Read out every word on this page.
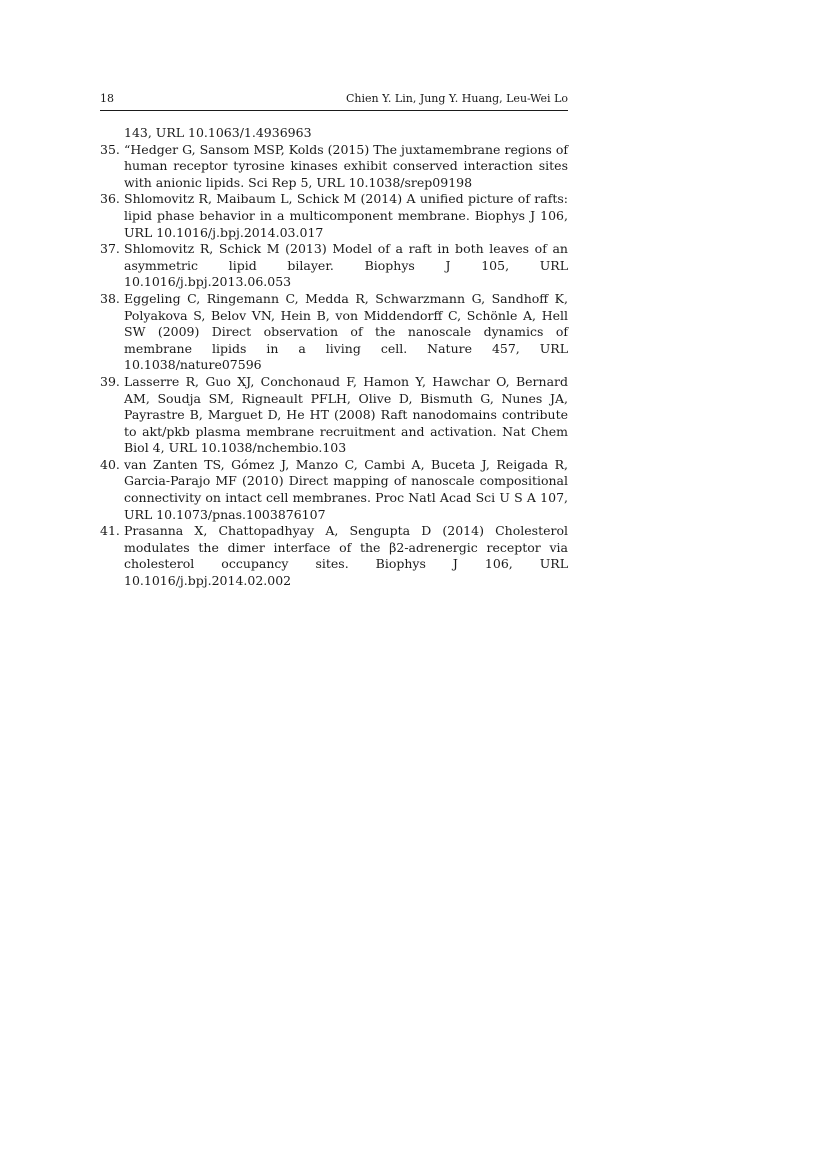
18	Chien Y. Lin, Jung Y. Huang, Leu-Wei Lo

143, URL 10.1063/1.4936963

35. “Hedger G, Sansom MSP, Kolds (2015) The juxtamembrane regions of human receptor tyrosine kinases exhibit conserved interaction sites with anionic lipids. Sci Rep 5, URL 10.1038/srep09198

36. Shlomovitz R, Maibaum L, Schick M (2014) A unified picture of rafts: lipid phase behavior in a multicomponent membrane. Biophys J 106, URL 10.1016/j.bpj.2014.03.017

37. Shlomovitz R, Schick M (2013) Model of a raft in both leaves of an asymmetric lipid bilayer. Biophys J 105, URL 10.1016/j.bpj.2013.06.053

38. Eggeling C, Ringemann C, Medda R, Schwarzmann G, Sandhoff K, Polyakova S, Belov VN, Hein B, von Middendorff C, Schönle A, Hell SW (2009) Direct observation of the nanoscale dynamics of membrane lipids in a living cell. Nature 457, URL 10.1038/nature07596

39. Lasserre R, Guo XJ, Conchonaud F, Hamon Y, Hawchar O, Bernard AM, Soudja SM, Rigneault PFLH, Olive D, Bismuth G, Nunes JA, Payrastre B, Marguet D, He HT (2008) Raft nanodomains contribute to akt/pkb plasma membrane recruitment and activation. Nat Chem Biol 4, URL 10.1038/nchembio.103

40. van Zanten TS, Gómez J, Manzo C, Cambi A, Buceta J, Reigada R, Garcia-Parajo MF (2010) Direct mapping of nanoscale compositional connectivity on intact cell membranes. Proc Natl Acad Sci U S A 107, URL 10.1073/pnas.1003876107

41. Prasanna X, Chattopadhyay A, Sengupta D (2014) Cholesterol modulates the dimer interface of the β2-adrenergic receptor via cholesterol occupancy sites. Biophys J 106, URL 10.1016/j.bpj.2014.02.002
